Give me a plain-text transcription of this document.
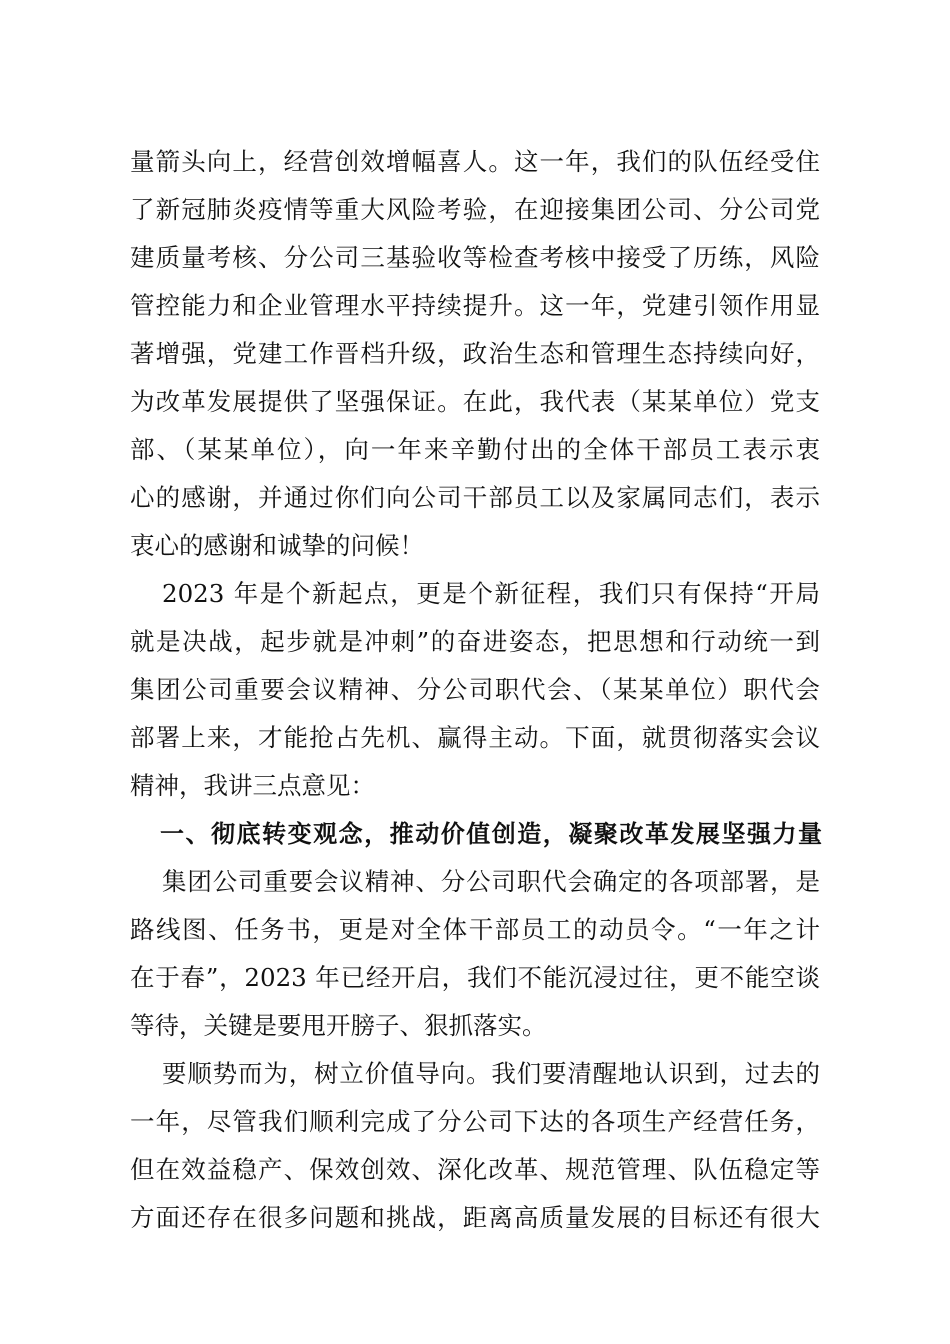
量箭头向上，经营创效增幅喜人。这一年，我们的队伍经受住
了新冠肺炎疫情等重大风险考验，在迎接集团公司、分公司党
建质量考核、分公司三基验收等检查考核中接受了历练，风险
管控能力和企业管理水平持续提升。这一年，党建引领作用显
著增强，党建工作晋档升级，政治生态和管理生态持续向好，
为改革发展提供了坚强保证。在此，我代表（某某单位）党支
部、（某某单位），向一年来辛勤付出的全体干部员工表示衷
心的感谢，并通过你们向公司干部员工以及家属同志们，表示
衷心的感谢和诚挚的问候！
2023 年是个新起点，更是个新征程，我们只有保持“开局
就是决战，起步就是冲刺”的奋进姿态，把思想和行动统一到
集团公司重要会议精神、分公司职代会、（某某单位）职代会
部署上来，才能抢占先机、赢得主动。下面，就贯彻落实会议
精神，我讲三点意见：
一、彻底转变观念，推动价值创造，凝聚改革发展坚强力量
集团公司重要会议精神、分公司职代会确定的各项部署，是
路线图、任务书，更是对全体干部员工的动员令。“一年之计
在于春”，2023 年已经开启，我们不能沉浸过往，更不能空谈
等待，关键是要甩开膀子、狠抓落实。
要顺势而为，树立价值导向。我们要清醒地认识到，过去的
一年，尽管我们顺利完成了分公司下达的各项生产经营任务，
但在效益稳产、保效创效、深化改革、规范管理、队伍稳定等
方面还存在很多问题和挑战，距离高质量发展的目标还有很大
